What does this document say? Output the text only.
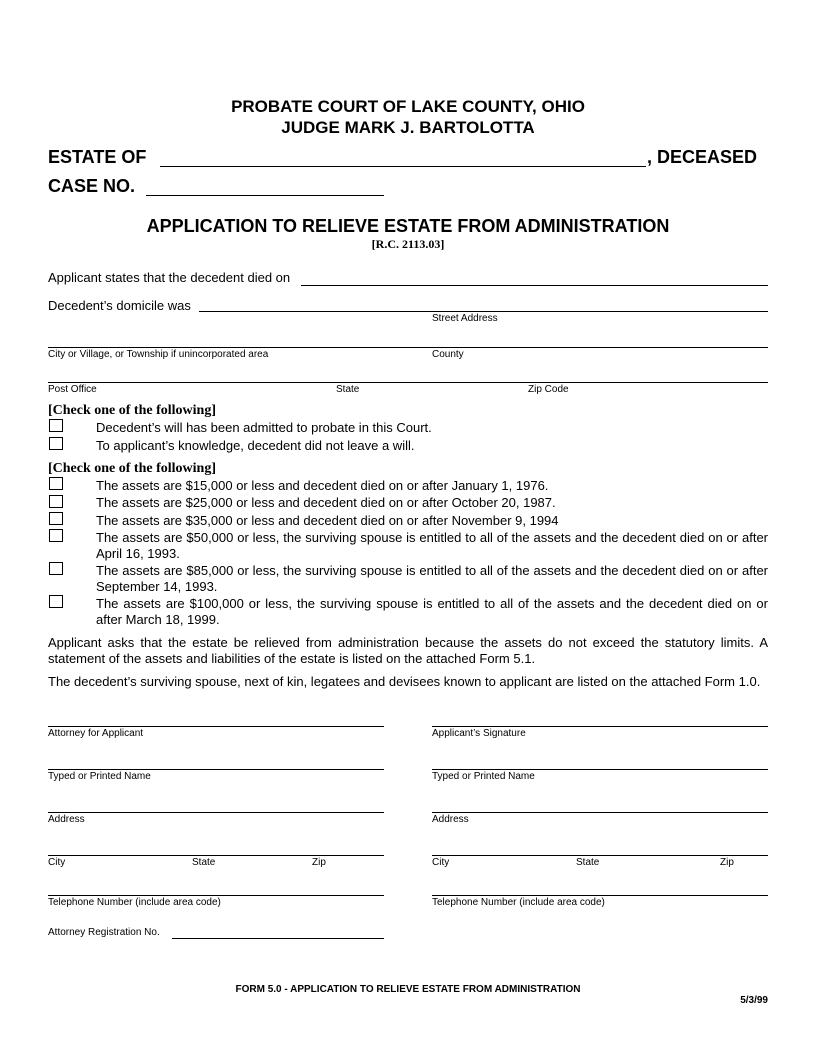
PROBATE COURT OF LAKE COUNTY, OHIO
JUDGE MARK J. BARTOLOTTA
ESTATE OF	, DECEASED
CASE NO.
APPLICATION TO RELIEVE ESTATE FROM ADMINISTRATION
[R.C. 2113.03]
Applicant states that the decedent died on
Decedent’s domicile was
Street Address
City or Village, or Township if unincorporated area	County
Post Office	State	Zip Code
[Check one of the following]
Decedent’s will has been admitted to probate in this Court.
To applicant’s knowledge, decedent did not leave a will.
[Check one of the following]
The assets are $15,000 or less and decedent died on or after January 1, 1976.
The assets are $25,000 or less and decedent died on or after October 20, 1987.
The assets are $35,000 or less and decedent died on or after November 9, 1994
The assets are $50,000 or less, the surviving spouse is entitled to all of the assets and the decedent died on or after April 16, 1993.
The assets are $85,000 or less, the surviving spouse is entitled to all of the assets and the decedent died on or after September 14, 1993.
The assets are $100,000 or less, the surviving spouse is entitled to all of the assets and the decedent died on or after March 18, 1999.
Applicant asks that the estate be relieved from administration because the assets do not exceed the statutory limits. A statement of the assets and liabilities of the estate is listed on the attached Form 5.1.
The decedent’s surviving spouse, next of kin, legatees and devisees known to applicant are listed on the attached Form 1.0.
Attorney for Applicant
Typed or Printed Name
Address
City	State	Zip
Telephone Number (include area code)
Attorney Registration No.
Applicant’s Signature
Typed or Printed Name
Address
City	State	Zip
Telephone Number (include area code)
FORM 5.0 - APPLICATION TO RELIEVE ESTATE FROM ADMINISTRATION
5/3/99
